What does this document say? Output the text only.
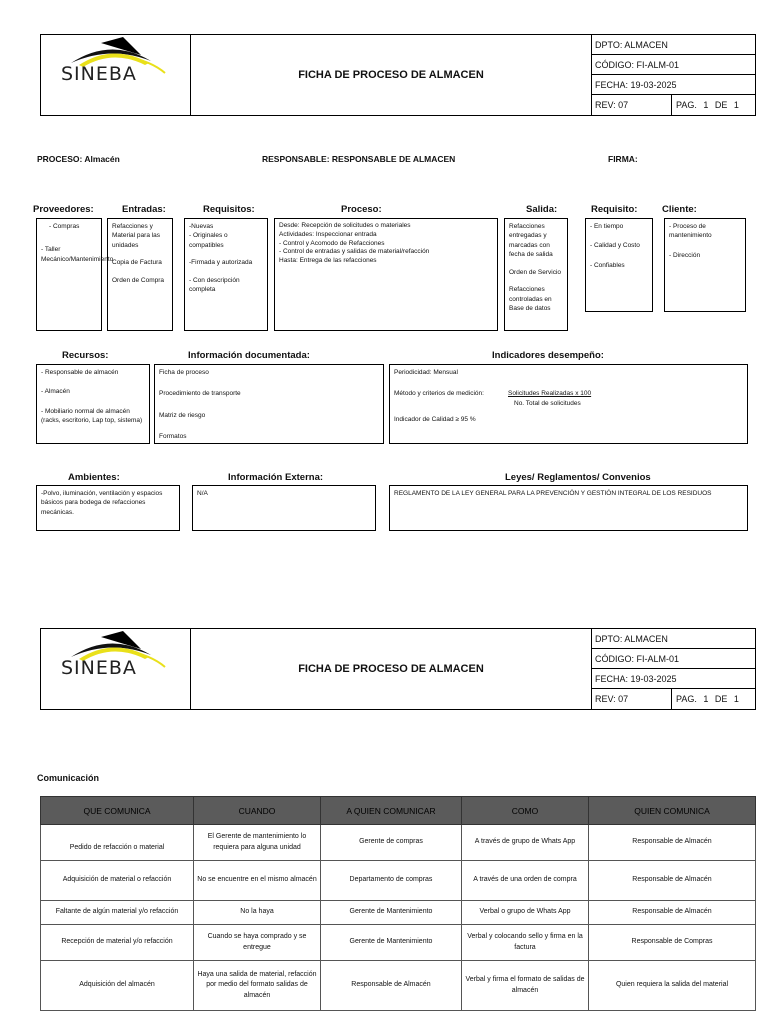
SINEBA	FICHA DE PROCESO DE ALMACEN
DPTO: ALMACEN
CÓDIGO: FI-ALM-01
FECHA: 19-03-2025
REV: 07	PAG. 1 DE 1
PROCESO: Almacén	RESPONSABLE: RESPONSABLE DE ALMACEN	FIRMA:
Proveedores:	Entradas:	Requisitos:	Proceso:	Salida:	Requisito:	Cliente:

- Compras

- Taller Mecánico/Mantenimiento

Refacciones y Material para las unidades

Copia de Factura

Orden de Compra

-Nuevas
- Originales o compatibles

-Firmada y autorizada

- Con descripción completa

Desde: Recepción de solicitudes o materiales
Actividades: Inspeccionar entrada
- Control y Acomodo de Refacciones
- Control de entradas y salidas de material/refacción
Hasta: Entrega de las refacciones

Refacciones entregadas y marcadas con fecha de salida

Orden de Servicio

Refacciones controladas en Base de datos

- En tiempo

- Calidad y Costo

- Confiables

- Proceso de mantenimiento

- Dirección

Recursos:	Información documentada:	Indicadores desempeño:

- Responsable de almacén

- Almacén

- Mobiliario normal de almacén (racks, escritorio, Lap top, sistema)

Ficha de proceso

Procedimiento de transporte

Matriz de riesgo

Formatos

Periodicidad: Mensual

Método y criterios de medición:	Solicitudes Realizadas x 100
No. Total de solicitudes

Indicador de Calidad ≥ 95 %

Ambientes:	Información Externa:	Leyes/ Reglamentos/ Convenios

-Polvo, iluminación, ventilación y espacios básicos para bodega de refacciones mecánicas.

N/A	REGLAMENTO DE LA LEY GENERAL PARA LA PREVENCIÓN Y GESTIÓN INTEGRAL DE LOS RESIDUOS

SINEBA	FICHA DE PROCESO DE ALMACEN
DPTO: ALMACEN
CÓDIGO: FI-ALM-01
FECHA: 19-03-2025
REV: 07	PAG. 1 DE 1
Comunicación
QUE COMUNICA	CUANDO	A QUIEN COMUNICAR	COMO	QUIEN COMUNICA
Pedido de refacción o material	El Gerente de mantenimiento lo requiera para alguna unidad	Gerente de compras	A través de grupo de Whats App	Responsable de Almacén
Adquisición de material o refacción	No se encuentre en el mismo almacén	Departamento de compras	A través de una orden de compra	Responsable de Almacén
Faltante de algún material y/o refacción	No la haya	Gerente de Mantenimiento	Verbal o grupo de Whats App	Responsable de Almacén
Recepción de material y/o refacción	Cuando se haya comprado y se entregue	Gerente de Mantenimiento	Verbal y colocando sello y firma en la factura	Responsable de Compras
Adquisición del almacén	Haya una salida de material, refacción por medio del formato salidas de almacén	Responsable de Almacén	Verbal y firma el formato de salidas de almacén	Quien requiera la salida del material
